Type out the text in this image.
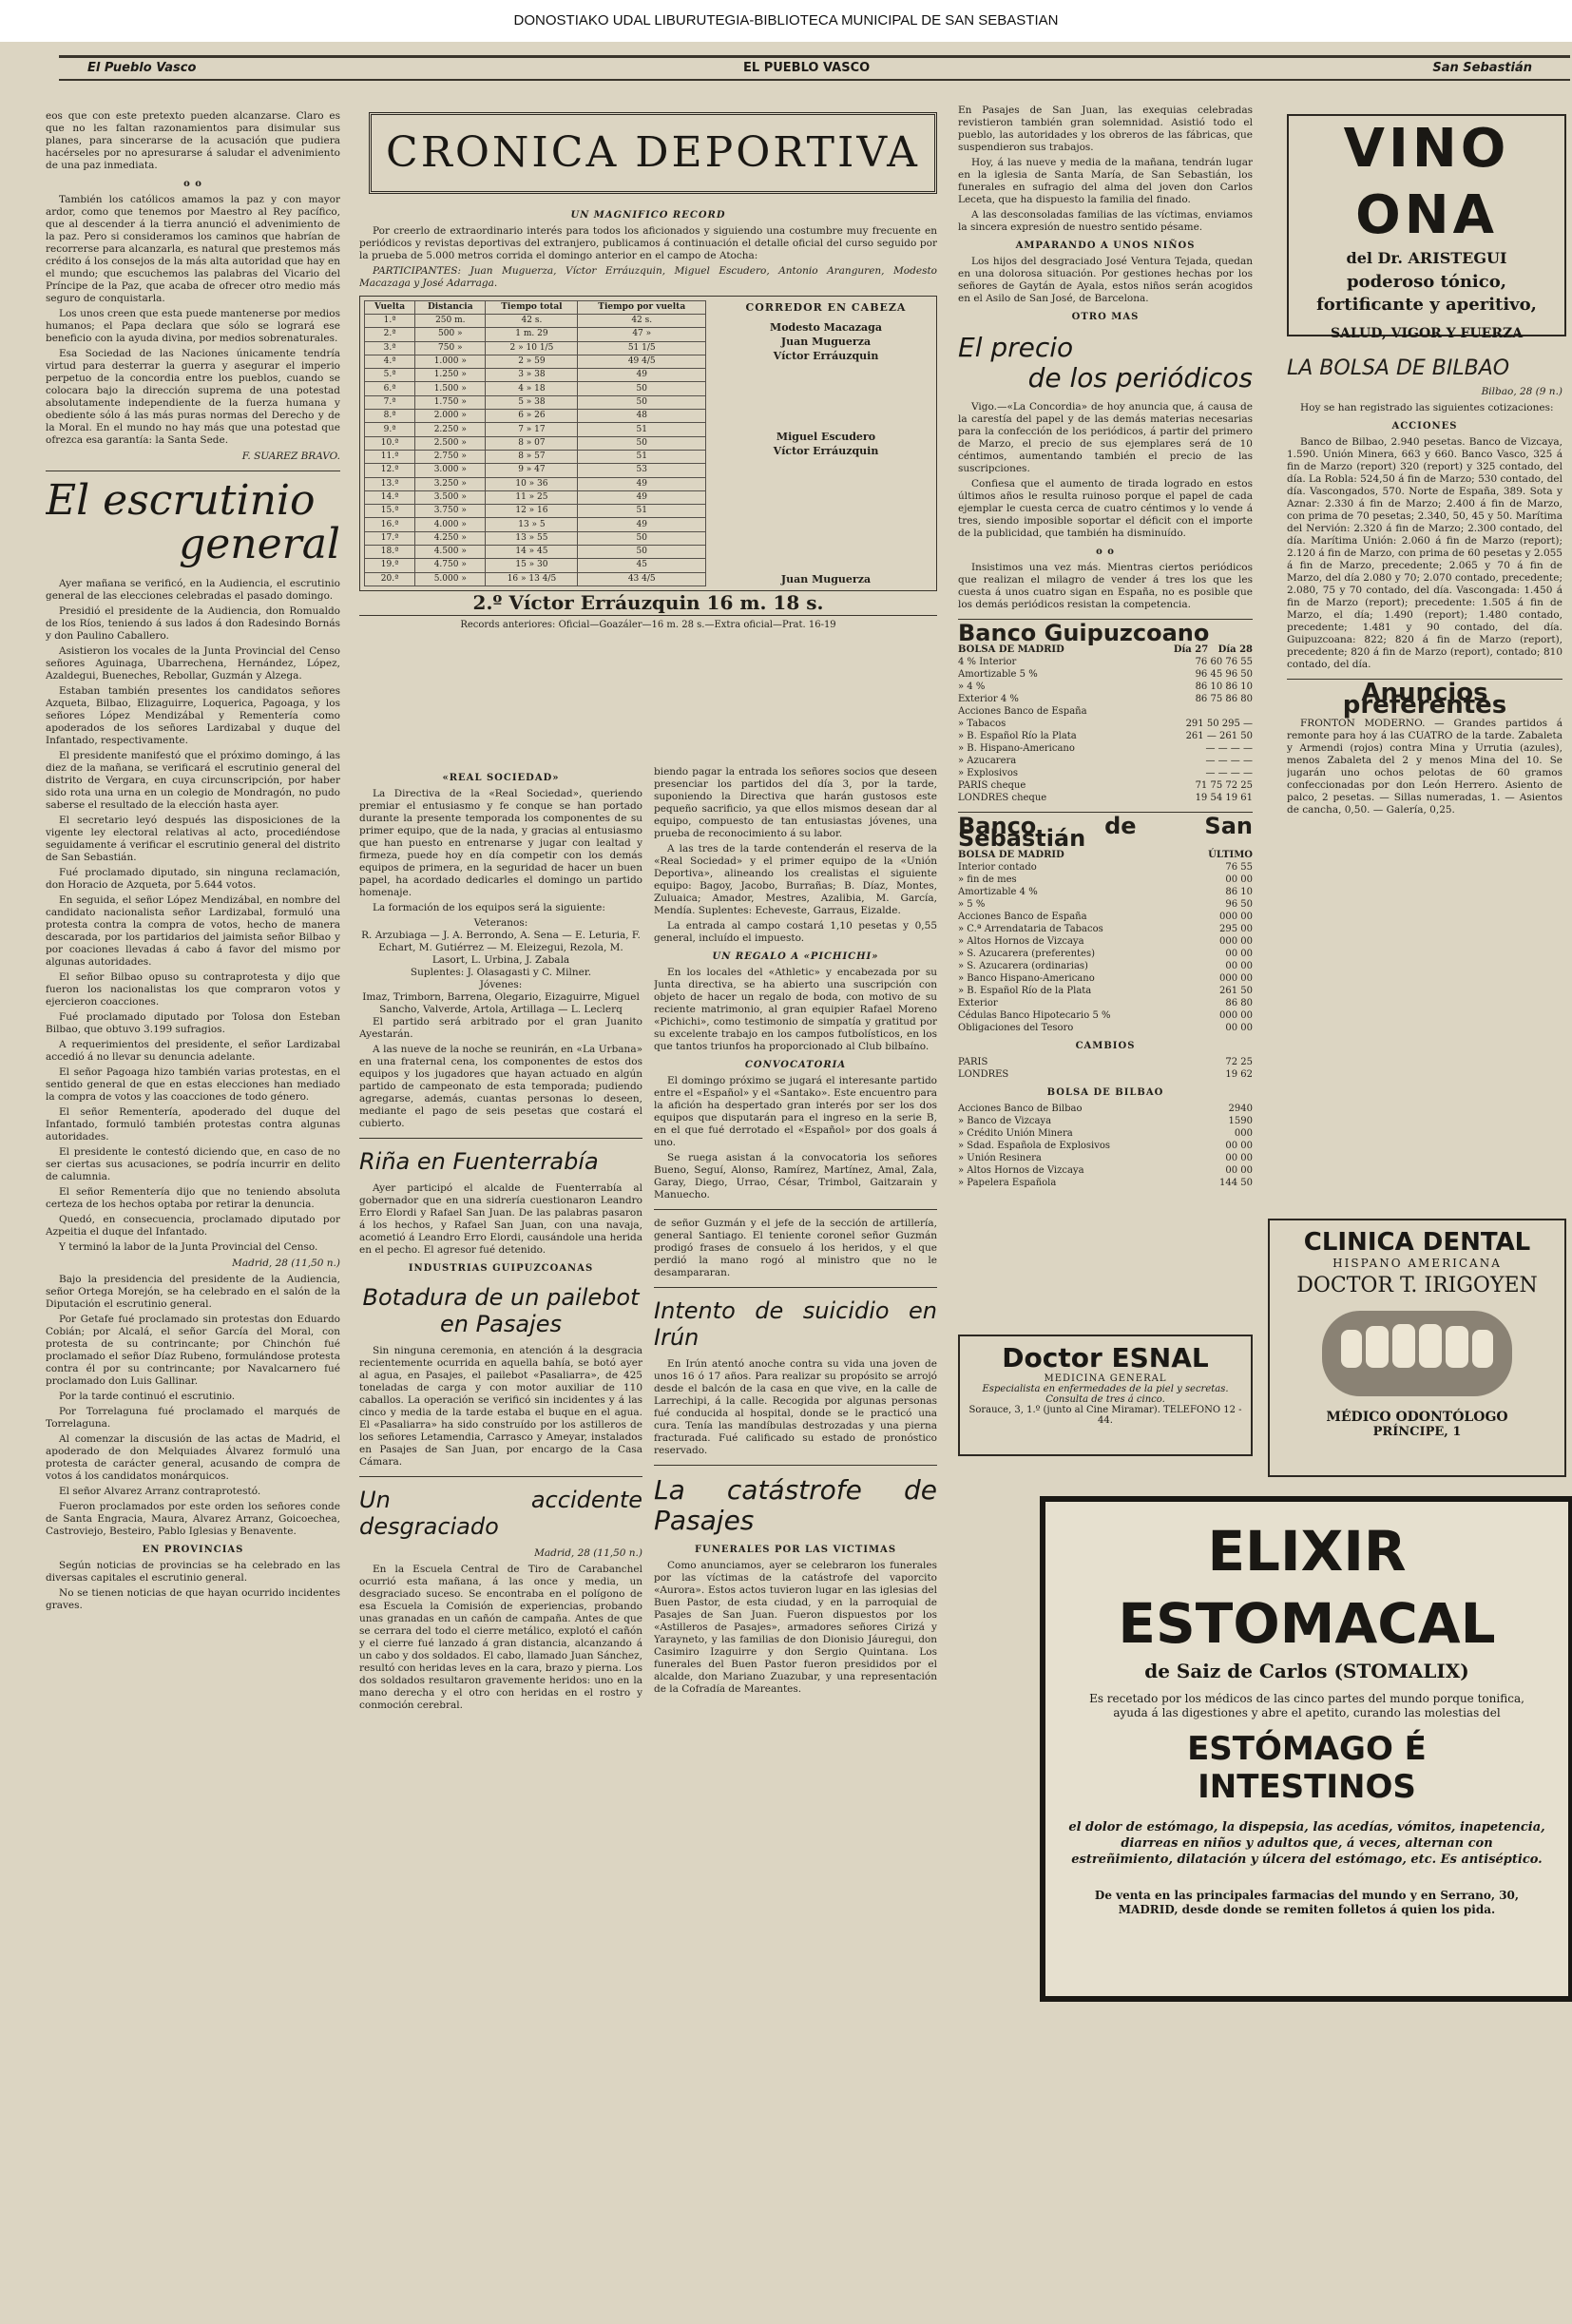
DONOSTIAKO UDAL LIBURUTEGIA-BIBLIOTECA MUNICIPAL DE SAN SEBASTIAN
El Pueblo Vasco	EL PUEBLO VASCO	San Sebastián

eos que con este pretexto pueden alcanzarse. Claro es que no les faltan razonamientos para disimular sus planes, para sincerarse de la acusación que pudiera hacérseles por no apresurarse á saludar el advenimiento de una paz inmediata.

o o

También los católicos amamos la paz y con mayor ardor, como que tenemos por Maestro al Rey pacífico, que al descender á la tierra anunció el advenimiento de la paz. Pero si consideramos los caminos que habrían de recorrerse para alcanzarla, es natural que prestemos más crédito á los consejos de la más alta autoridad que hay en el mundo; que escuchemos las palabras del Vicario del Príncipe de la Paz, que acaba de ofrecer otro medio más seguro de conquistarla.

Los unos creen que esta puede mantenerse por medios humanos; el Papa declara que sólo se logrará ese beneficio con la ayuda divina, por medios sobrenaturales.

Esa Sociedad de las Naciones únicamente tendría virtud para desterrar la guerra y asegurar el imperio perpetuo de la concordia entre los pueblos, cuando se colocara bajo la dirección suprema de una potestad absolutamente independiente de la fuerza humana y obediente sólo á las más puras normas del Derecho y de la Moral. En el mundo no hay más que una potestad que ofrezca esa garantía: la Santa Sede.

F. SUAREZ BRAVO.
El escrutinio
general

Ayer mañana se verificó, en la Audiencia, el escrutinio general de las elecciones celebradas el pasado domingo.

Presidió el presidente de la Audiencia, don Romualdo de los Ríos, teniendo á sus lados á don Radesindo Bornás y don Paulino Caballero.

Asistieron los vocales de la Junta Provincial del Censo señores Aguinaga, Ubarrechena, Hernández, López, Azaldegui, Bueneches, Rebollar, Guzmán y Alzega.

Estaban también presentes los candidatos señores Azqueta, Bilbao, Elizaguirre, Loquerica, Pagoaga, y los señores López Mendizábal y Rementería como apoderados de los señores Lardizabal y duque del Infantado, respectivamente.

El presidente manifestó que el próximo domingo, á las diez de la mañana, se verificará el escrutinio general del distrito de Vergara, en cuya circunscripción, por haber sido rota una urna en un colegio de Mondragón, no pudo saberse el resultado de la elección hasta ayer.

El secretario leyó después las disposiciones de la vigente ley electoral relativas al acto, procediéndose seguidamente á verificar el escrutinio general del distrito de San Sebastián.

Fué proclamado diputado, sin ninguna reclamación, don Horacio de Azqueta, por 5.644 votos.

En seguida, el señor López Mendizábal, en nombre del candidato nacionalista señor Lardizabal, formuló una protesta contra la compra de votos, hecho de manera descarada, por los partidarios del jaimista señor Bilbao y por coaciones llevadas á cabo á favor del mismo por algunas autoridades.

El señor Bilbao opuso su contraprotesta y dijo que fueron los nacionalistas los que compraron votos y ejercieron coacciones.

Fué proclamado diputado por Tolosa don Esteban Bilbao, que obtuvo 3.199 sufragios.

A requerimientos del presidente, el señor Lardizabal accedió á no llevar su denuncia adelante.

El señor Pagoaga hizo también varias protestas, en el sentido general de que en estas elecciones han mediado la compra de votos y las coacciones de todo género.

El señor Rementería, apoderado del duque del Infantado, formuló también protestas contra algunas autoridades.

El presidente le contestó diciendo que, en caso de no ser ciertas sus acusaciones, se podría incurrir en delito de calumnia.

El señor Rementería dijo que no teniendo absoluta certeza de los hechos optaba por retirar la denuncia.

Quedó, en consecuencia, proclamado diputado por Azpeitia el duque del Infantado.

Y terminó la labor de la Junta Provincial del Censo.

Madrid, 28 (11,50 n.)

Bajo la presidencia del presidente de la Audiencia, señor Ortega Morejón, se ha celebrado en el salón de la Diputación el escrutinio general.

Por Getafe fué proclamado sin protestas don Eduardo Cobián; por Alcalá, el señor García del Moral, con protesta de su contrincante; por Chinchón fué proclamado el señor Díaz Rubeno, formulándose protesta contra él por su contrincante; por Navalcarnero fué proclamado don Luis Gallinar.

Por la tarde continuó el escrutinio.

Por Torrelaguna fué proclamado el marqués de Torrelaguna.

Al comenzar la discusión de las actas de Madrid, el apoderado de don Melquiades Álvarez formuló una protesta de carácter general, acusando de compra de votos á los candidatos monárquicos.

El señor Alvarez Arranz contraprotestó.

Fueron proclamados por este orden los señores conde de Santa Engracia, Maura, Alvarez Arranz, Goicoechea, Castroviejo, Besteiro, Pablo Iglesias y Benavente.

EN PROVINCIAS

Según noticias de provincias se ha celebrado en las diversas capitales el escrutinio general.

No se tienen noticias de que hayan ocurrido incidentes graves.

CRONICA DEPORTIVA
UN MAGNIFICO RECORD

Por creerlo de extraordinario interés para todos los aficionados y siguiendo una costumbre muy frecuente en periódicos y revistas deportivas del extranjero, publicamos á continuación el detalle oficial del curso seguido por la prueba de 5.000 metros corrida el domingo anterior en el campo de Atocha:

PARTICIPANTES: Juan Muguerza, Víctor Erráuzquin, Miguel Escudero, Antonio Aranguren, Modesto Macazaga y José Adarraga.

Vuelta	Distancia	Tiempo total	Tiempo por vuelta
1.ª	250 m.	42 s.	42 s.
2.ª	500 »	1 m. 29	47 »
3.ª	750 »	2 » 10 1/5	51 1/5
4.ª	1.000 »	2 » 59	49 4/5
5.ª	1.250 »	3 » 38	49
6.ª	1.500 »	4 » 18	50
7.ª	1.750 »	5 » 38	50
8.ª	2.000 »	6 » 26	48
9.ª	2.250 »	7 » 17	51
10.ª	2.500 »	8 » 07	50
11.ª	2.750 »	8 » 57	51
12.ª	3.000 »	9 » 47	53
13.ª	3.250 »	10 » 36	49
14.ª	3.500 »	11 » 25	49
15.ª	3.750 »	12 » 16	51
16.ª	4.000 »	13 » 5	49
17.ª	4.250 »	13 » 55	50
18.ª	4.500 »	14 » 45	50
19.ª	4.750 »	15 » 30	45
20.ª	5.000 »	16 » 13 4/5	43 4/5
CORREDOR EN CABEZA
Modesto Macazaga
Juan Muguerza
Víctor Erráuzquin
Miguel Escudero
Víctor Erráuzquin
Juan Muguerza
2.º Víctor Erráuzquin 16 m. 18 s.
Records anteriores: Oficial—Goazáler—16 m. 28 s.—Extra oficial—Prat. 16-19
«REAL SOCIEDAD»

La Directiva de la «Real Sociedad», queriendo premiar el entusiasmo y fe conque se han portado durante la presente temporada los componentes de su primer equipo, que de la nada, y gracias al entusiasmo que han puesto en entrenarse y jugar con lealtad y firmeza, puede hoy en día competir con los demás equipos de primera, en la seguridad de hacer un buen papel, ha acordado dedicarles el domingo un partido homenaje.

La formación de los equipos será la siguiente:

Veteranos:
R. Arzubiaga — J. A. Berrondo, A. Sena — E. Leturia, F. Echart, M. Gutiérrez — M. Eleizegui, Rezola, M. Lasort, L. Urbina, J. Zabala
Suplentes: J. Olasagasti y C. Milner.
Jóvenes:
Imaz, Trimborn, Barrena, Olegario, Eizaguirre, Miguel Sancho, Valverde, Artola, Artillaga — L. Leclerq

El partido será arbitrado por el gran Juanito Ayestarán.

A las nueve de la noche se reunirán, en «La Urbana» en una fraternal cena, los componentes de estos dos equipos y los jugadores que hayan actuado en algún partido de campeonato de esta temporada; pudiendo agregarse, además, cuantas personas lo deseen, mediante el pago de seis pesetas que costará el cubierto.

Riña en Fuenterrabía

Ayer participó el alcalde de Fuenterrabía al gobernador que en una sidrería cuestionaron Leandro Erro Elordi y Rafael San Juan. De las palabras pasaron á los hechos, y Rafael San Juan, con una navaja, acometió á Leandro Erro Elordi, causándole una herida en el pecho. El agresor fué detenido.

INDUSTRIAS GUIPUZCOANAS
Botadura de un pailebot en Pasajes

Sin ninguna ceremonia, en atención á la desgracia recientemente ocurrida en aquella bahía, se botó ayer al agua, en Pasajes, el pailebot «Pasaliarra», de 425 toneladas de carga y con motor auxiliar de 110 caballos. La operación se verificó sin incidentes y á las cinco y media de la tarde estaba el buque en el agua. El «Pasaliarra» ha sido construído por los astilleros de los señores Letamendia, Carrasco y Ameyar, instalados en Pasajes de San Juan, por encargo de la Casa Cámara.

Un accidente desgraciado
Madrid, 28 (11,50 n.)

En la Escuela Central de Tiro de Carabanchel ocurrió esta mañana, á las once y media, un desgraciado suceso. Se encontraba en el polígono de esa Escuela la Comisión de experiencias, probando unas granadas en un cañón de campaña. Antes de que se cerrara del todo el cierre metálico, explotó el cañón y el cierre fué lanzado á gran distancia, alcanzando á un cabo y dos soldados. El cabo, llamado Juan Sánchez, resultó con heridas leves en la cara, brazo y pierna. Los dos soldados resultaron gravemente heridos: uno en la mano derecha y el otro con heridas en el rostro y conmoción cerebral.

biendo pagar la entrada los señores socios que deseen presenciar los partidos del día 3, por la tarde, suponiendo la Directiva que harán gustosos este pequeño sacrificio, ya que ellos mismos desean dar al equipo, compuesto de tan entusiastas jóvenes, una prueba de reconocimiento á su labor.

A las tres de la tarde contenderán el reserva de la «Real Sociedad» y el primer equipo de la «Unión Deportiva», alineando los crealistas el siguiente equipo: Bagoy, Jacobo, Burrañas; B. Díaz, Montes, Zuluaica; Amador, Mestres, Azalibia, M. García, Mendía. Suplentes: Echeveste, Garraus, Eizalde.

La entrada al campo costará 1,10 pesetas y 0,55 general, incluído el impuesto.

UN REGALO A «PICHICHI»

En los locales del «Athletic» y encabezada por su Junta directiva, se ha abierto una suscripción con objeto de hacer un regalo de boda, con motivo de su reciente matrimonio, al gran equipier Rafael Moreno «Pichichi», como testimonio de simpatía y gratitud por su excelente trabajo en los campos futbolísticos, en los que tantos triunfos ha proporcionado al Club bilbaíno.

CONVOCATORIA

El domingo próximo se jugará el interesante partido entre el «Español» y el «Santako». Este encuentro para la afición ha despertado gran interés por ser los dos equipos que disputarán para el ingreso en la serie B, en el que fué derrotado el «Español» por dos goals á uno.

Se ruega asistan á la convocatoria los señores Bueno, Seguí, Alonso, Ramírez, Martínez, Amal, Zala, Garay, Diego, Urrao, César, Trimbol, Gaitzarain y Manuecho.

de señor Guzmán y el jefe de la sección de artillería, general Santiago. El teniente coronel señor Guzmán prodigó frases de consuelo á los heridos, y el que perdió la mano rogó al ministro que no le desampararan.

Intento de suicidio en Irún

En Irún atentó anoche contra su vida una joven de unos 16 ó 17 años. Para realizar su propósito se arrojó desde el balcón de la casa en que vive, en la calle de Larrechipi, á la calle. Recogida por algunas personas fué conducida al hospital, donde se le practicó una cura. Tenía las mandíbulas destrozadas y una pierna fracturada. Fué calificado su estado de pronóstico reservado.

La catástrofe de Pasajes
FUNERALES POR LAS VICTIMAS

Como anunciamos, ayer se celebraron los funerales por las víctimas de la catástrofe del vaporcito «Aurora». Estos actos tuvieron lugar en las iglesias del Buen Pastor, de esta ciudad, y en la parroquial de Pasajes de San Juan. Fueron dispuestos por los «Astilleros de Pasajes», armadores señores Cirizá y Yarayneto, y las familias de don Dionisio Jáuregui, don Casimiro Izaguirre y don Sergio Quintana. Los funerales del Buen Pastor fueron presididos por el alcalde, don Mariano Zuazubar, y una representación de la Cofradía de Mareantes.

En Pasajes de San Juan, las exequias celebradas revistieron también gran solemnidad. Asistió todo el pueblo, las autoridades y los obreros de las fábricas, que suspendieron sus trabajos.

Hoy, á las nueve y media de la mañana, tendrán lugar en la iglesia de Santa María, de San Sebastián, los funerales en sufragio del alma del joven don Carlos Leceta, que ha dispuesto la familia del finado.

A las desconsoladas familias de las víctimas, enviamos la sincera expresión de nuestro sentido pésame.

AMPARANDO A UNOS NIÑOS

Los hijos del desgraciado José Ventura Tejada, quedan en una dolorosa situación. Por gestiones hechas por los señores de Gaytán de Ayala, estos niños serán acogidos en el Asilo de San José, de Barcelona.

OTRO MAS
El precio
de los periódicos

Vigo.—«La Concordia» de hoy anuncia que, á causa de la carestía del papel y de las demás materias necesarias para la confección de los periódicos, á partir del primero de Marzo, el precio de sus ejemplares será de 10 céntimos, aumentando también el precio de las suscripciones.

Confiesa que el aumento de tirada logrado en estos últimos años le resulta ruinoso porque el papel de cada ejemplar le cuesta cerca de cuatro céntimos y lo vende á tres, siendo imposible soportar el déficit con el importe de la publicidad, que también ha disminuído.

o o

Insistimos una vez más. Mientras ciertos periódicos que realizan el milagro de vender á tres los que les cuesta á unos cuatro sigan en España, no es posible que los demás periódicos resistan la competencia.

Banco Guipuzcoano
BOLSA DE MADRID	Día 27 Día 28
4 % Interior	76 60 76 55
Amortizable 5 %	96 45 96 50
» 4 %	86 10 86 10
Exterior 4 %	86 75 86 80
Acciones Banco de España
» Tabacos	291 50 295 —
» B. Español Río la Plata	261 — 261 50
» B. Hispano-Americano	— — — —
» Azucarera	— — — —
» Explosivos	— — — —
PARIS cheque	71 75 72 25
LONDRES cheque	19 54 19 61
Banco de San Sebastián
BOLSA DE MADRID	ÚLTIMO
Interior contado	76 55
» fin de mes	00 00
Amortizable 4 %	86 10
» 5 %	96 50
Acciones Banco de España	000 00
» C.ª Arrendataria de Tabacos	295 00
» Altos Hornos de Vizcaya	000 00
» S. Azucarera (preferentes)	00 00
» S. Azucarera (ordinarias)	00 00
» Banco Hispano-Americano	000 00
» B. Español Río de la Plata	261 50
Exterior	86 80
Cédulas Banco Hipotecario 5 %	000 00
Obligaciones del Tesoro	00 00
CAMBIOS
PARIS	72 25
LONDRES	19 62
BOLSA DE BILBAO
Acciones Banco de Bilbao	2940
» Banco de Vizcaya	1590
» Crédito Unión Minera	000
» Sdad. Española de Explosivos	00 00
» Unión Resinera	00 00
» Altos Hornos de Vizcaya	00 00
» Papelera Española	144 50
Doctor ESNAL
MEDICINA GENERAL
Especialista en enfermedades de la piel y secretas. Consulta de tres á cinco.
Sorauce, 3, 1.º (junto al Cine Miramar). TELEFONO 12 - 44.
VINO ONA
del Dr. ARISTEGUI
poderoso tónico, fortificante y aperitivo,
SALUD, VIGOR Y FUERZA
LA BOLSA DE BILBAO
Bilbao, 28 (9 n.)

Hoy se han registrado las siguientes cotizaciones:

ACCIONES

Banco de Bilbao, 2.940 pesetas. Banco de Vizcaya, 1.590. Unión Minera, 663 y 660. Banco Vasco, 325 á fin de Marzo (report) 320 (report) y 325 contado, del día. La Robla: 524,50 á fin de Marzo; 530 contado, del día. Vascongados, 570. Norte de España, 389. Sota y Aznar: 2.330 á fin de Marzo; 2.400 á fin de Marzo, con prima de 70 pesetas; 2.340, 50, 45 y 50. Marítima del Nervión: 2.320 á fin de Marzo; 2.300 contado, del día. Marítima Unión: 2.060 á fin de Marzo (report); 2.120 á fin de Marzo, con prima de 60 pesetas y 2.055 á fin de Marzo, precedente; 2.065 y 70 á fin de Marzo, del día 2.080 y 70; 2.070 contado, precedente; 2.080, 75 y 70 contado, del día. Vascongada: 1.450 á fin de Marzo (report); precedente: 1.505 á fin de Marzo, el día; 1.490 (report); 1.480 contado, precedente; 1.481 y 90 contado, del día. Guipuzcoana: 822; 820 á fin de Marzo (report), precedente; 820 á fin de Marzo (report), contado; 810 contado, del día.

Anuncios preferentes

FRONTON MODERNO. — Grandes partidos á remonte para hoy á las CUATRO de la tarde. Zabaleta y Armendi (rojos) contra Mina y Urrutia (azules), menos Zabaleta del 2 y menos Mina del 10. Se jugarán uno ochos pelotas de 60 gramos confeccionadas por don León Herrero. Asiento de palco, 2 pesetas. — Sillas numeradas, 1. — Asientos de cancha, 0,50. — Galería, 0,25.

CLINICA DENTAL
HISPANO AMERICANA
DOCTOR T. IRIGOYEN
MÉDICO ODONTÓLOGO
PRÍNCIPE, 1
ELIXIR ESTOMACAL
de Saiz de Carlos (STOMALIX)
Es recetado por los médicos de las cinco partes del mundo porque tonifica, ayuda á las digestiones y abre el apetito, curando las molestias del
ESTÓMAGO É
INTESTINOS
el dolor de estómago, la dispepsia, las acedías, vómitos, inapetencia, diarreas en niños y adultos que, á veces, alternan con estreñimiento, dilatación y úlcera del estómago, etc. Es antiséptico.
De venta en las principales farmacias del mundo y en Serrano, 30, MADRID, desde donde se remiten folletos á quien los pida.
